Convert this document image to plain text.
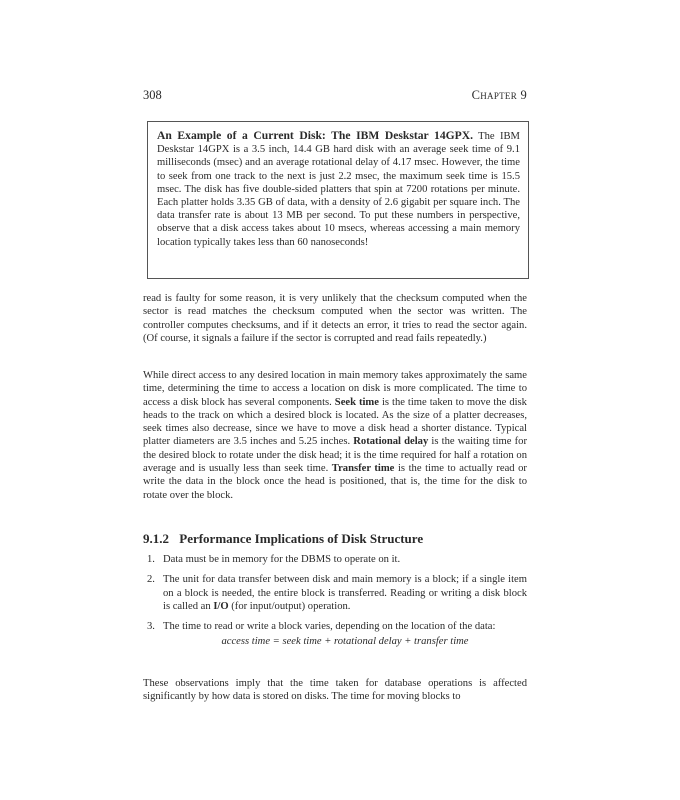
308	Chapter 9
An Example of a Current Disk: The IBM Deskstar 14GPX. The IBM Deskstar 14GPX is a 3.5 inch, 14.4 GB hard disk with an average seek time of 9.1 milliseconds (msec) and an average rotational delay of 4.17 msec. However, the time to seek from one track to the next is just 2.2 msec, the maximum seek time is 15.5 msec. The disk has five double-sided platters that spin at 7200 rotations per minute. Each platter holds 3.35 GB of data, with a density of 2.6 gigabit per square inch. The data transfer rate is about 13 MB per second. To put these numbers in perspective, observe that a disk access takes about 10 msecs, whereas accessing a main memory location typically takes less than 60 nanoseconds!
read is faulty for some reason, it is very unlikely that the checksum computed when the sector is read matches the checksum computed when the sector was written. The controller computes checksums, and if it detects an error, it tries to read the sector again. (Of course, it signals a failure if the sector is corrupted and read fails repeatedly.)
While direct access to any desired location in main memory takes approximately the same time, determining the time to access a location on disk is more complicated. The time to access a disk block has several components. Seek time is the time taken to move the disk heads to the track on which a desired block is located. As the size of a platter decreases, seek times also decrease, since we have to move a disk head a shorter distance. Typical platter diameters are 3.5 inches and 5.25 inches. Rotational delay is the waiting time for the desired block to rotate under the disk head; it is the time required for half a rotation on average and is usually less than seek time. Transfer time is the time to actually read or write the data in the block once the head is positioned, that is, the time for the disk to rotate over the block.
9.1.2 Performance Implications of Disk Structure
1. Data must be in memory for the DBMS to operate on it.
2. The unit for data transfer between disk and main memory is a block; if a single item on a block is needed, the entire block is transferred. Reading or writing a disk block is called an I/O (for input/output) operation.
3. The time to read or write a block varies, depending on the location of the data:
access time = seek time + rotational delay + transfer time
These observations imply that the time taken for database operations is affected significantly by how data is stored on disks. The time for moving blocks to
